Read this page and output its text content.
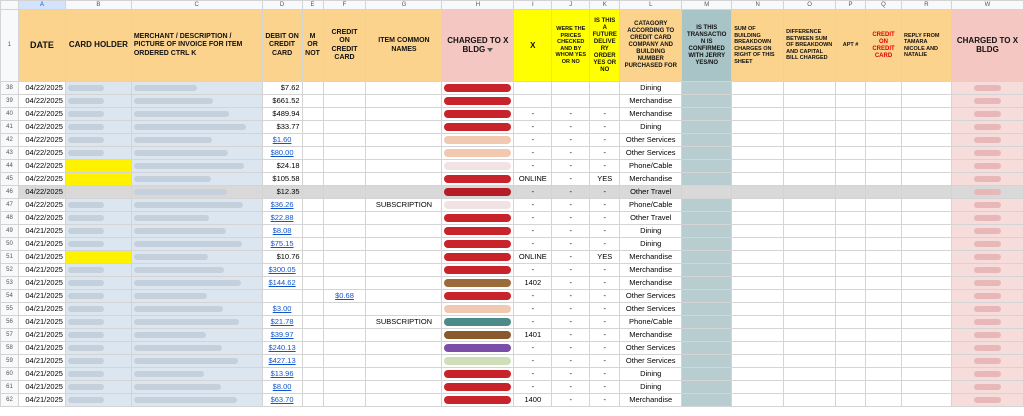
	A	B	C	D	E	F	G	H	I	J	K	L	M	N	O	P	Q	R	W
1	DATE	CARD HOLDER	MERCHANT / DESCRIPTION / PICTURE OF INVOICE FOR ITEM ORDERED CTRL K	DEBIT ON CREDIT CARD	M OR NOT	CREDIT ON CREDIT CARD	ITEM COMMON NAMES	CHARGED TO X BLDG	X	WERE THE PRICES CHECKED AND BY WHOM YES OR NO	IS THIS A FUTURE DELIVE RY ORDER YES OR NO	CATAGORY ACCORDING TO CREDIT CARD COMPANY AND BUILDING NUMBER PURCHASED FOR	IS THIS TRANSACTIO N IS CONFIRMED WITH JERRY YES/NO	SUM OF BUILDING BREAKDOWN CHARGES ON RIGHT OF THIS SHEET	DIFFERENCE BETWEEN SUM OF BREAKDOWN AND CAPITAL BILL CHARGED	APT #	CREDIT ON CREDIT CARD	REPLY FROM TAMARA NICOLE AND NATALIE	CHARGED TO X BLDG
38	04/22/2025			$7.62								Dining							

39	04/22/2025			$661.52								Merchandise							

40	04/22/2025			$489.94					-	-	-	Merchandise							

41	04/22/2025			$33.77					-	-	-	Dining							

42	04/22/2025			$1.60					-	-	-	Other Services							

43	04/22/2025			$80.00					-	-	-	Other Services							

44	04/22/2025			$24.18					-	-	-	Phone/Cable							

45	04/22/2025			$105.58					ONLINE	-	YES	Merchandise							

46	04/22/2025			$12.35					-	-	-	Other Travel							

47	04/22/2025			$36.26			SUBSCRIPTION		-	-	-	Phone/Cable							

48	04/22/2025			$22.88					-	-	-	Other Travel							

49	04/21/2025			$8.08					-	-	-	Dining							

50	04/21/2025			$75.15					-	-	-	Dining							

51	04/21/2025			$10.76					ONLINE	-	YES	Merchandise							

52	04/21/2025			$300.05					-	-	-	Merchandise							

53	04/21/2025			$144.62					1402	-	-	Merchandise							

54	04/21/2025					$0.68			-	-	-	Other Services							

55	04/21/2025			$3.00					-	-	-	Other Services							

56	04/21/2025			$21.78			SUBSCRIPTION		-	-	-	Phone/Cable							

57	04/21/2025			$39.97					1401	-	-	Merchandise							

58	04/21/2025			$240.13					-	-	-	Other Services							

59	04/21/2025			$427.13					-	-	-	Other Services							

60	04/21/2025			$13.96					-	-	-	Dining							

61	04/21/2025			$8.00					-	-	-	Dining							

62	04/21/2025			$63.70					1400	-	-	Merchandise							
